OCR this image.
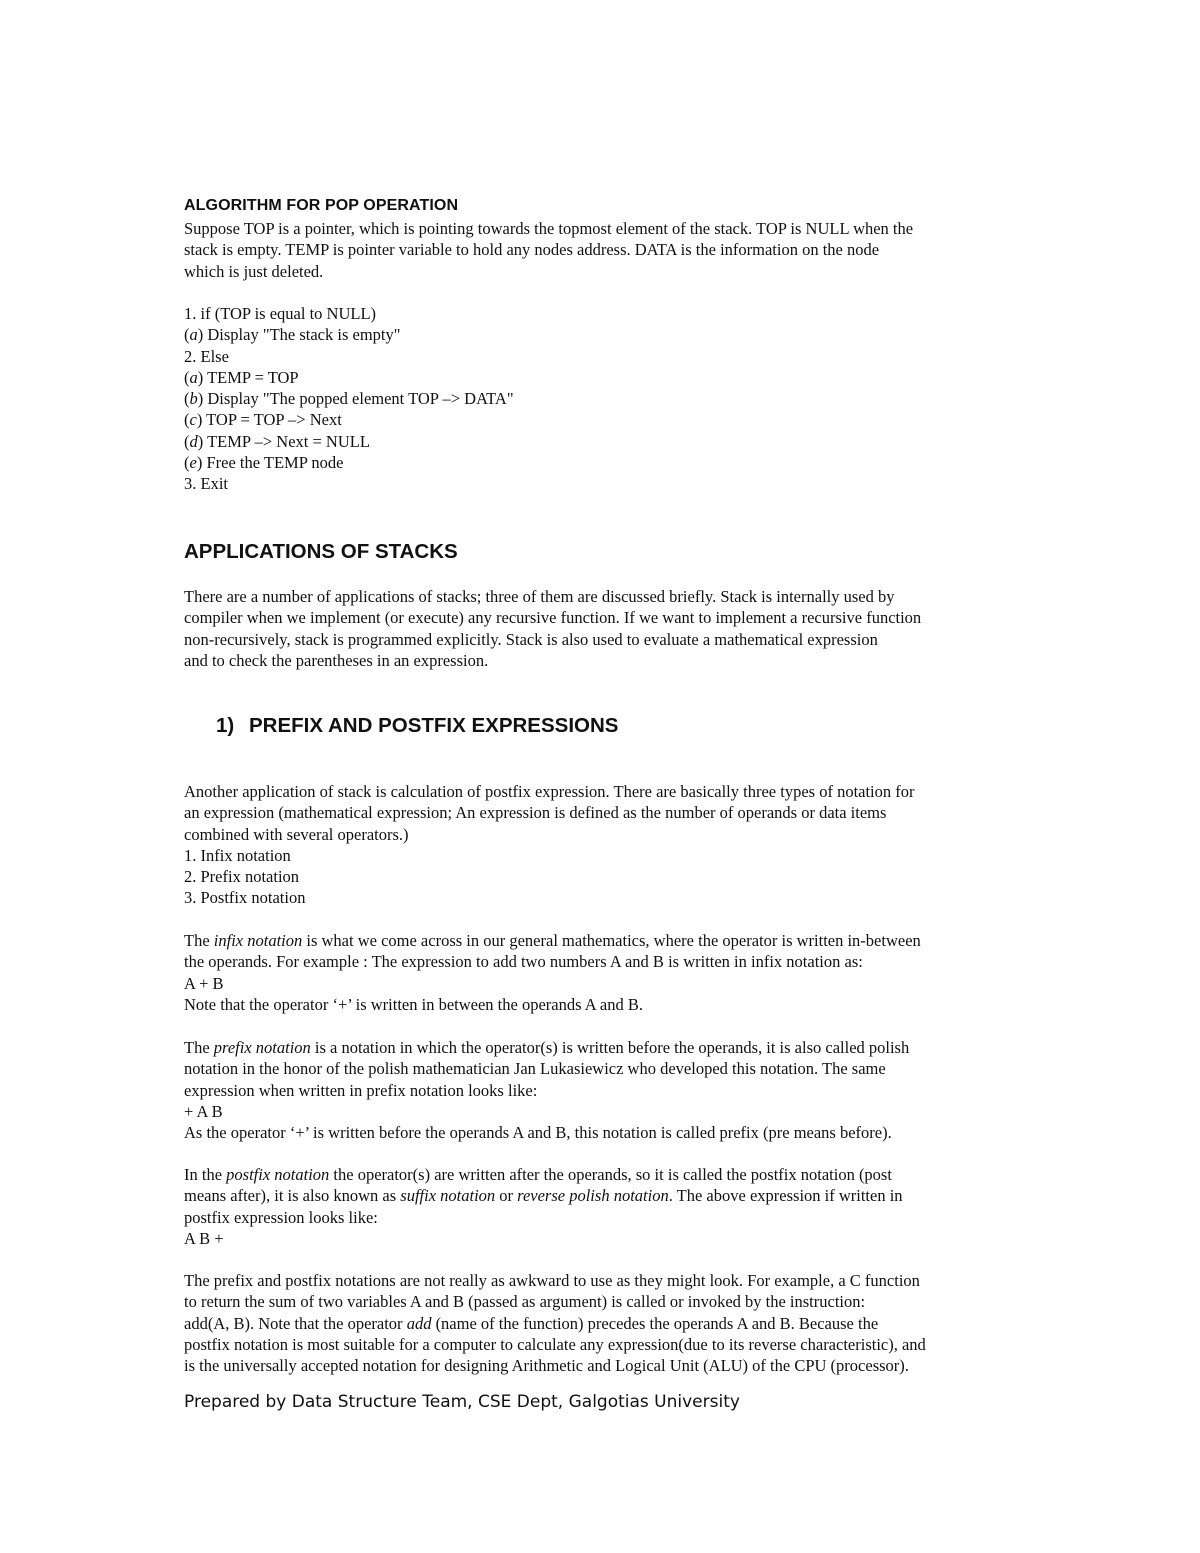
ALGORITHM FOR POP OPERATION
Suppose TOP is a pointer, which is pointing towards the topmost element of the stack. TOP is NULL when the
stack is empty. TEMP is pointer variable to hold any nodes address. DATA is the information on the node
which is just deleted.
1. if (TOP is equal to NULL)
(a) Display "The stack is empty"
2. Else
(a) TEMP = TOP
(b) Display "The popped element TOP –> DATA"
(c) TOP = TOP –> Next
(d) TEMP –> Next = NULL
(e) Free the TEMP node
3. Exit
APPLICATIONS OF STACKS
There are a number of applications of stacks; three of them are discussed briefly. Stack is internally used by
compiler when we implement (or execute) any recursive function. If we want to implement a recursive function
non-recursively, stack is programmed explicitly. Stack is also used to evaluate a mathematical expression
and to check the parentheses in an expression.
1) PREFIX AND POSTFIX EXPRESSIONS
Another application of stack is calculation of postfix expression. There are basically three types of notation for
an expression (mathematical expression; An expression is defined as the number of operands or data items
combined with several operators.)
1. Infix notation
2. Prefix notation
3. Postfix notation
The infix notation is what we come across in our general mathematics, where the operator is written in-between
the operands. For example : The expression to add two numbers A and B is written in infix notation as:
A + B
Note that the operator ‘+’ is written in between the operands A and B.
The prefix notation is a notation in which the operator(s) is written before the operands, it is also called polish
notation in the honor of the polish mathematician Jan Lukasiewicz who developed this notation. The same
expression when written in prefix notation looks like:
+ A B
As the operator ‘+’ is written before the operands A and B, this notation is called prefix (pre means before).
In the postfix notation the operator(s) are written after the operands, so it is called the postfix notation (post
means after), it is also known as suffix notation or reverse polish notation. The above expression if written in
postfix expression looks like:
A B +
The prefix and postfix notations are not really as awkward to use as they might look. For example, a C function
to return the sum of two variables A and B (passed as argument) is called or invoked by the instruction:
add(A, B). Note that the operator add (name of the function) precedes the operands A and B. Because the
postfix notation is most suitable for a computer to calculate any expression(due to its reverse characteristic), and
is the universally accepted notation for designing Arithmetic and Logical Unit (ALU) of the CPU (processor).
Prepared by Data Structure Team, CSE Dept, Galgotias University
